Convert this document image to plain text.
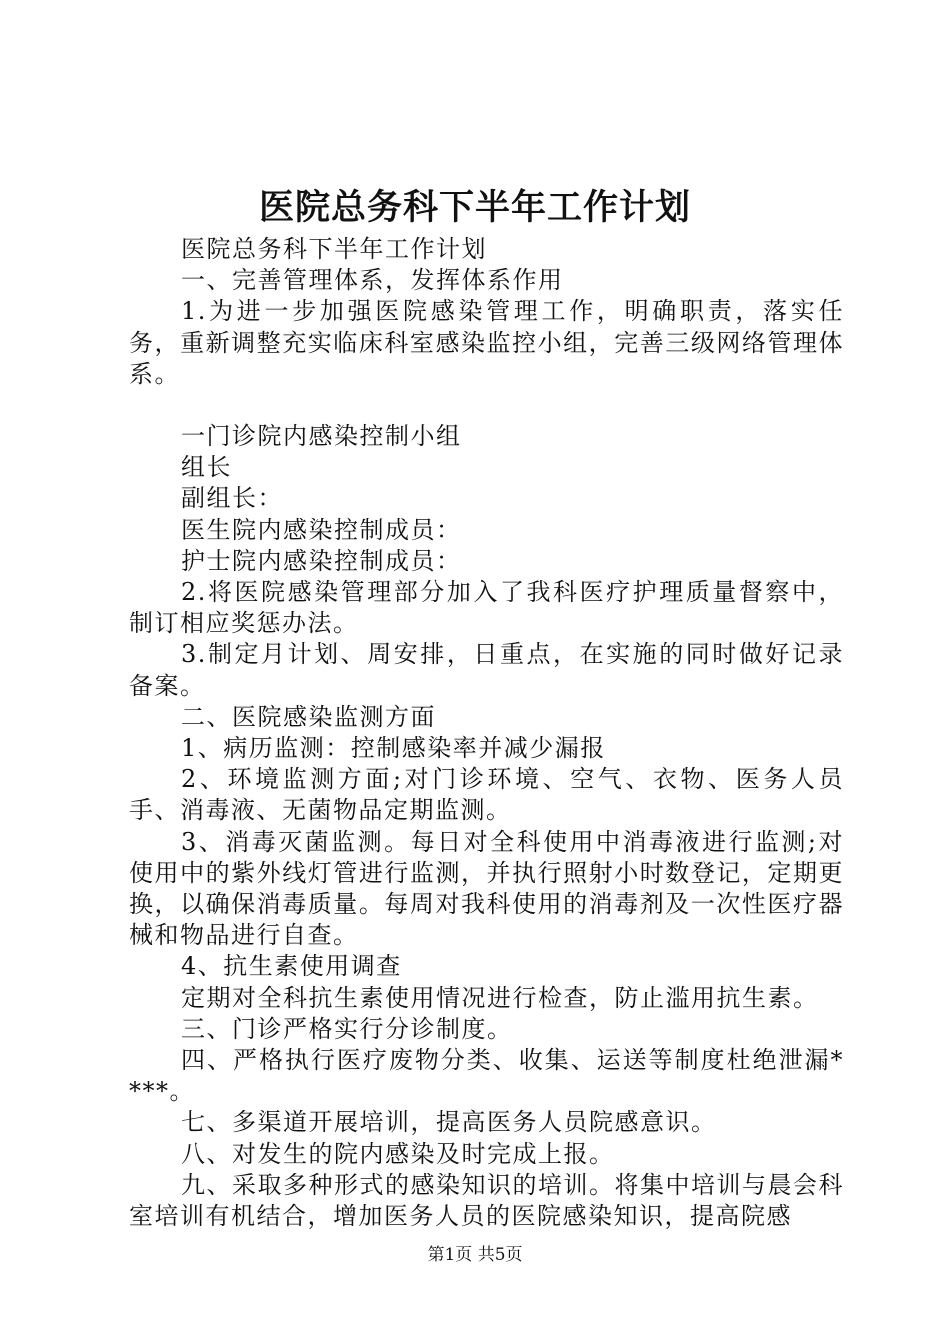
医院总务科下半年工作计划

医院总务科下半年工作计划

一、完善管理体系，发挥体系作用

1.为进一步加强医院感染管理工作，明确职责，落实任务，重新调整充实临床科室感染监控小组，完善三级网络管理体系。

一门诊院内感染控制小组

组长

副组长：

医生院内感染控制成员：

护士院内感染控制成员：

2.将医院感染管理部分加入了我科医疗护理质量督察中，制订相应奖惩办法。

3.制定月计划、周安排，日重点，在实施的同时做好记录备案。

二、医院感染监测方面

1、病历监测：控制感染率并减少漏报

2、环境监测方面;对门诊环境、空气、衣物、医务人员手、消毒液、无菌物品定期监测。

3、消毒灭菌监测。每日对全科使用中消毒液进行监测;对使用中的紫外线灯管进行监测，并执行照射小时数登记，定期更换，以确保消毒质量。每周对我科使用的消毒剂及一次性医疗器械和物品进行自查。

4、抗生素使用调查

定期对全科抗生素使用情况进行检查，防止滥用抗生素。

三、门诊严格实行分诊制度。

四、严格执行医疗废物分类、收集、运送等制度杜绝泄漏****。

七、多渠道开展培训，提高医务人员院感意识。

八、对发生的院内感染及时完成上报。

九、采取多种形式的感染知识的培训。将集中培训与晨会科室培训有机结合，增加医务人员的医院感染知识，提高院感

第1页 共5页
